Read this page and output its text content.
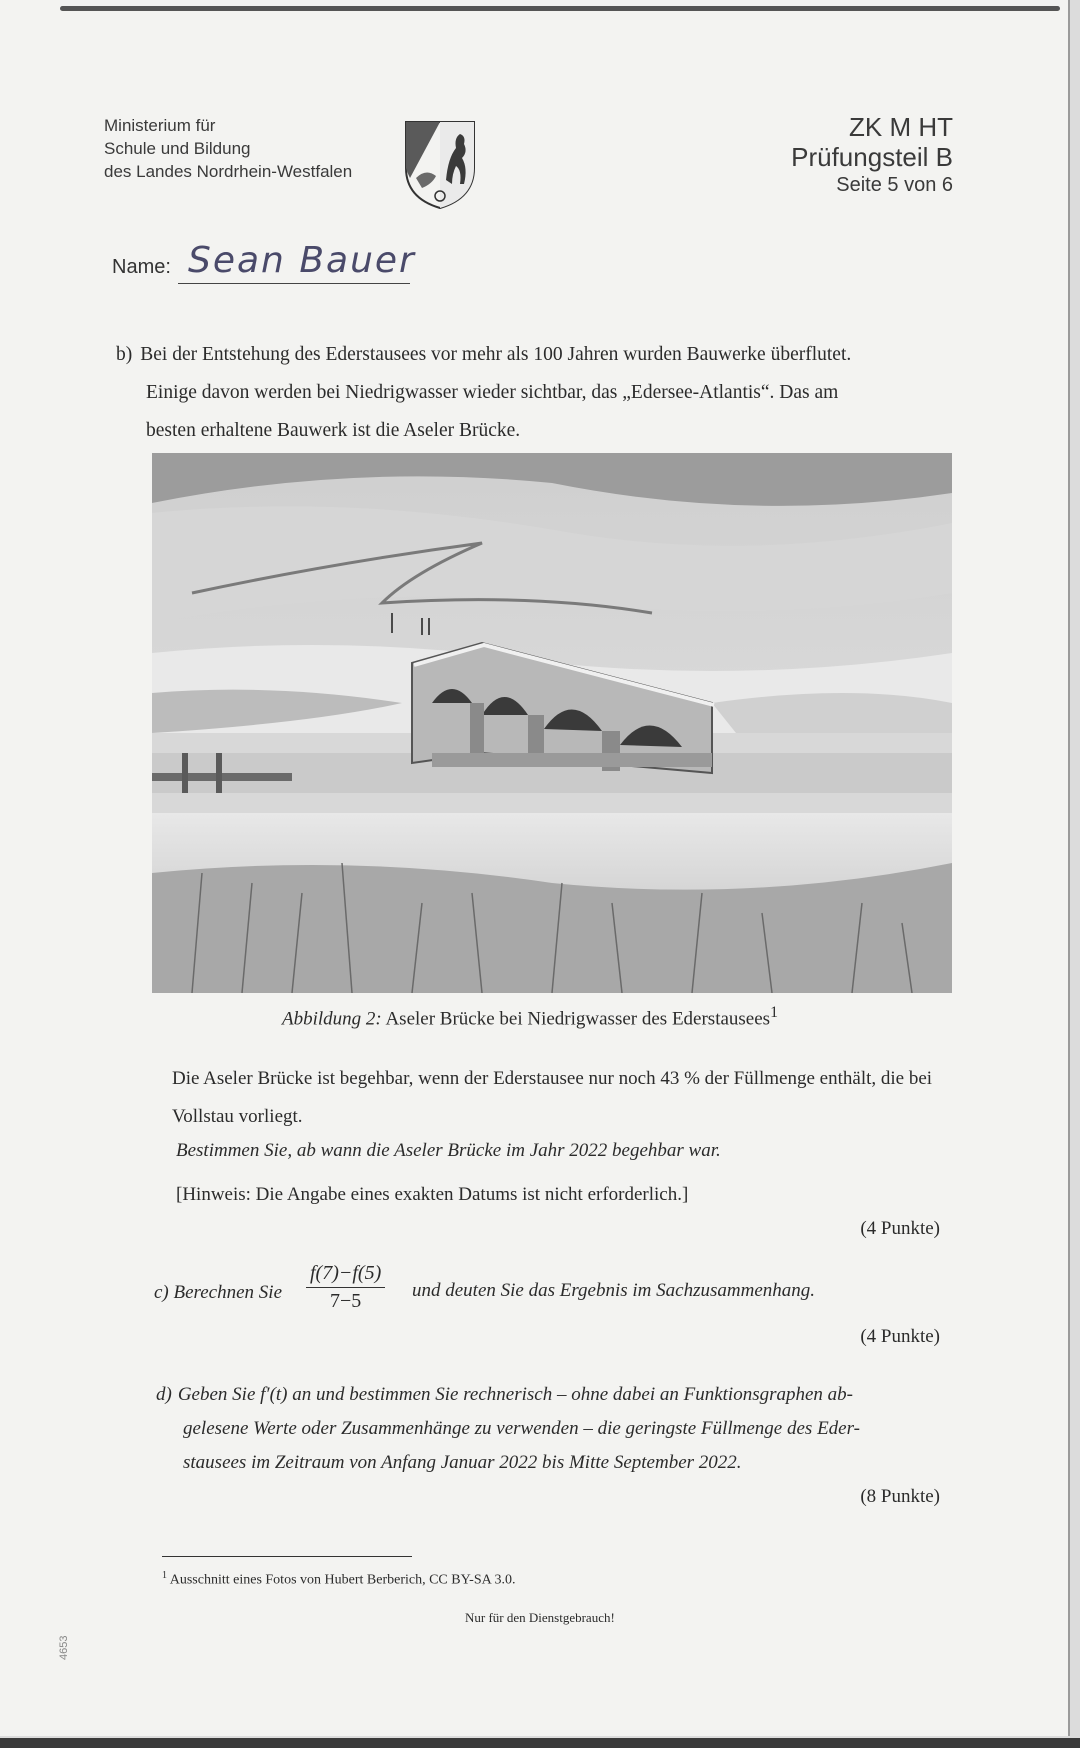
Ministerium für
Schule und Bildung
des Landes Nordrhein-Westfalen
ZK M HT
Prüfungsteil B
Seite 5 von 6
Name: Sean Bauer
b) Bei der Entstehung des Ederstausees vor mehr als 100 Jahren wurden Bauwerke überflutet.
Einige davon werden bei Niedrigwasser wieder sichtbar, das „Edersee-Atlantis“. Das am
besten erhaltene Bauwerk ist die Aseler Brücke.
Abbildung 2: Aseler Brücke bei Niedrigwasser des Ederstausees$^1$
Die Aseler Brücke ist begehbar, wenn der Ederstausee nur noch 43 % der Füllmenge enthält, die bei Vollstau vorliegt.
Bestimmen Sie, ab wann die Aseler Brücke im Jahr 2022 begehbar war.
[Hinweis: Die Angabe eines exakten Datums ist nicht erforderlich.]
(4 Punkte)
c) Berechnen Sie $\frac{f(7)-f(5)}{7-5}$ und deuten Sie das Ergebnis im Sachzusammenhang.
(4 Punkte)
d) Geben Sie f′(t) an und bestimmen Sie rechnerisch – ohne dabei an Funktionsgraphen ab-
gelesene Werte oder Zusammenhänge zu verwenden – die geringste Füllmenge des Eder-
stausees im Zeitraum von Anfang Januar 2022 bis Mitte September 2022.
(8 Punkte)
$^1$ Ausschnitt eines Fotos von Hubert Berberich, CC BY-SA 3.0.
Nur für den Dienstgebrauch!
4653
